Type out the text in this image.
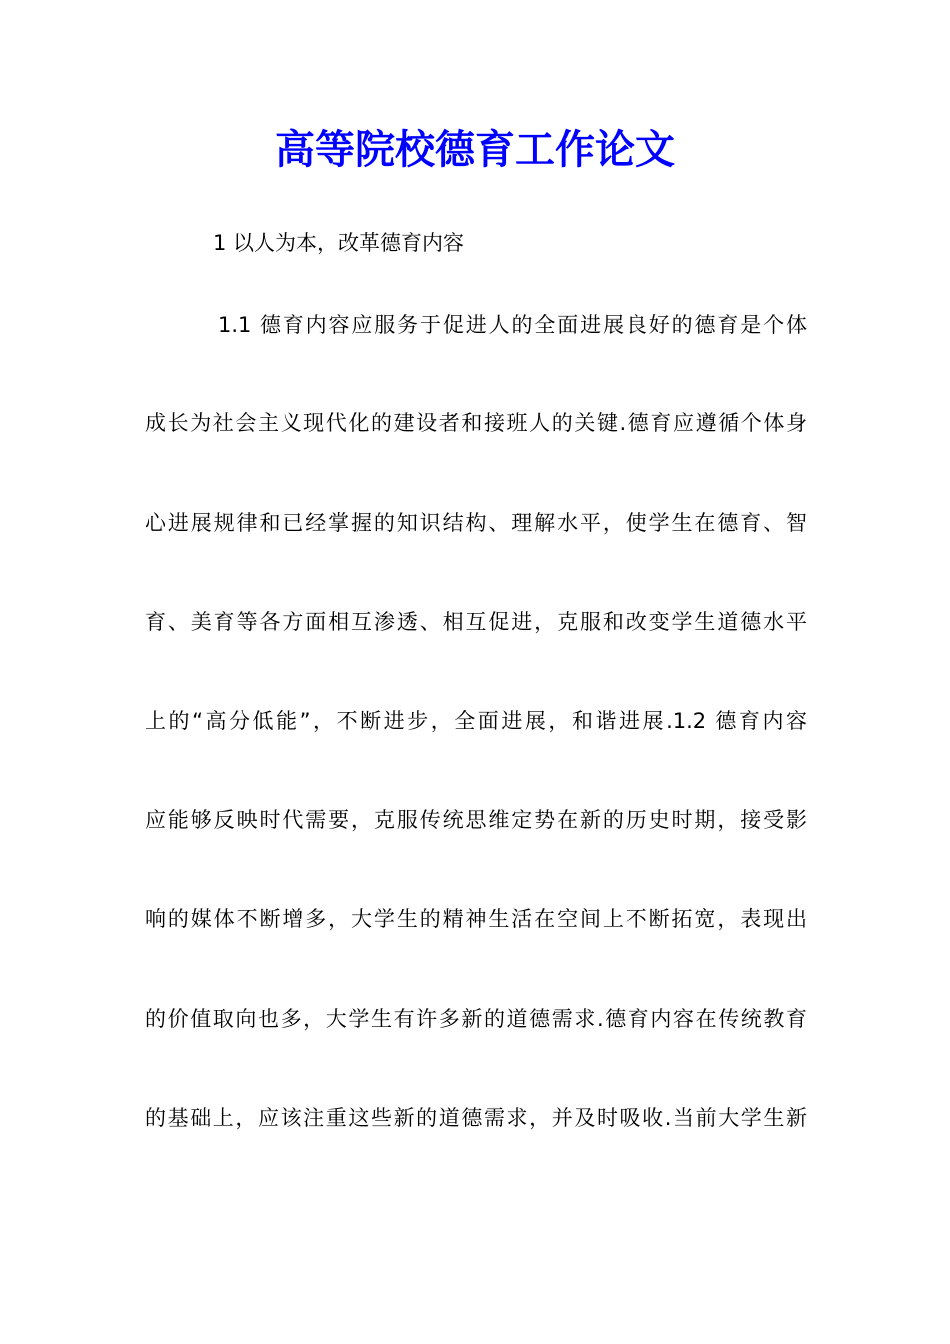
高等院校德育工作论文

1 以人为本，改革德育内容

1.1 德育内容应服务于促进人的全面进展良好的德育是个体

成长为社会主义现代化的建设者和接班人的关键.德育应遵循个体身

心进展规律和已经掌握的知识结构、理解水平，使学生在德育、智

育、美育等各方面相互渗透、相互促进，克服和改变学生道德水平

上的“高分低能”，不断进步，全面进展，和谐进展.1.2 德育内容

应能够反映时代需要，克服传统思维定势在新的历史时期，接受影

响的媒体不断增多，大学生的精神生活在空间上不断拓宽，表现出

的价值取向也多，大学生有许多新的道德需求.德育内容在传统教育

的基础上，应该注重这些新的道德需求，并及时吸收.当前大学生新
